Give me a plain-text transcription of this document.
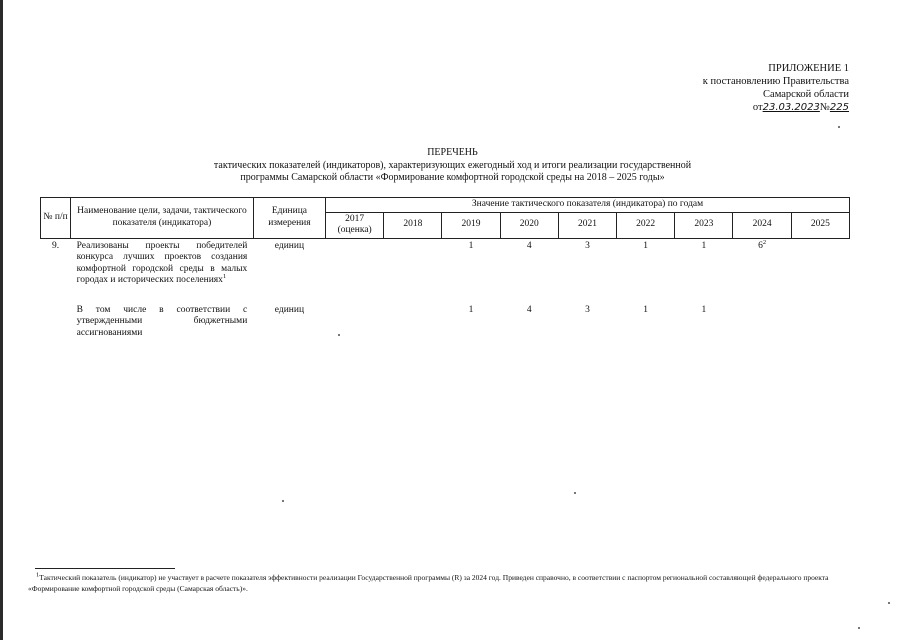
ПРИЛОЖЕНИЕ 1
к постановлению Правительства
Самарской области
от23.03.2023№225
ПЕРЕЧЕНЬ
тактических показателей (индикаторов), характеризующих ежегодный ход и итоги реализации государственной
программы Самарской области «Формирование комфортной городской среды на 2018 – 2025 годы»
№ п/п	Наименование цели, задачи, тактического показателя (индикатора)	Единица измерения	Значение тактического показателя (индикатора) по годам								
			2017 (оценка)	2018	2019	2020	2021	2022	2023	2024	2025
9.	Реализованы проекты победителей конкурса лучших проектов создания комфортной городской среды в малых городах и исторических поселениях$^1$	единиц			1	4	3	1	1	$6^2$	

	В том числе в соответствии с утвержденными бюджетными ассигнованиями	единиц			1	4	3	1	1		
$^1$Тактический показатель (индикатор) не участвует в расчете показателя эффективности реализации Государственной программы (R) за 2024 год. Приведен справочно, в соответствии с паспортом региональной составляющей федерального проекта «Формирование комфортной городской среды (Самарская область)».
